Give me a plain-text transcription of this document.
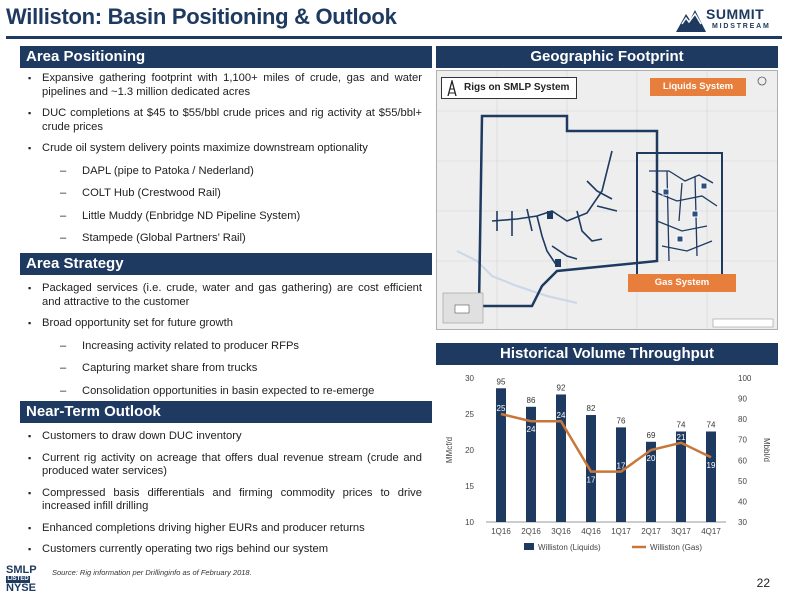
Williston: Basin Positioning & Outlook	SUMMIT
MIDSTREAM
Area Positioning
▪ Expansive gathering footprint with 1,100+ miles of crude, gas and water pipelines and ~1.3 million dedicated acres
▪ DUC completions at $45 to $55/bbl crude prices and rig activity at $55/bbl+ crude prices
▪ Crude oil system delivery points maximize downstream optionality
– DAPL (pipe to Patoka / Nederland)
– COLT Hub (Crestwood Rail)
– Little Muddy (Enbridge ND Pipeline System)
– Stampede (Global Partners’ Rail)
Area Strategy
▪ Packaged services (i.e. crude, water and gas gathering) are cost efficient and attractive to the customer
▪ Broad opportunity set for future growth
– Increasing activity related to producer RFPs
– Capturing market share from trucks
– Consolidation opportunities in basin expected to re-emerge
Near-Term Outlook
▪ Customers to draw down DUC inventory
▪ Current rig activity on acreage that offers dual revenue stream (crude and produced water services)
▪ Compressed basis differentials and firming commodity prices to drive increased infill drilling
▪ Enhanced completions driving higher EURs and producer returns
▪ Customers currently operating two rigs behind our system
Geographic Footprint
Rigs on SMLP System	Liquids System
Gas System
Historical Volume Throughput
10
15
20
25
30
30
40
50
60
70
80
90
100
MMcf/d	Mbbl/d
95
1Q16
86
2Q16
92
3Q16
82
4Q16
76
1Q17
69
2Q17
74
3Q17
74
4Q17
25
24
24
17
17
20
21
19
Williston (Liquids)	Williston (Gas)
SMLP
LISTED
NYSE
Source: Rig information per Drillinginfo as of February 2018.
22
